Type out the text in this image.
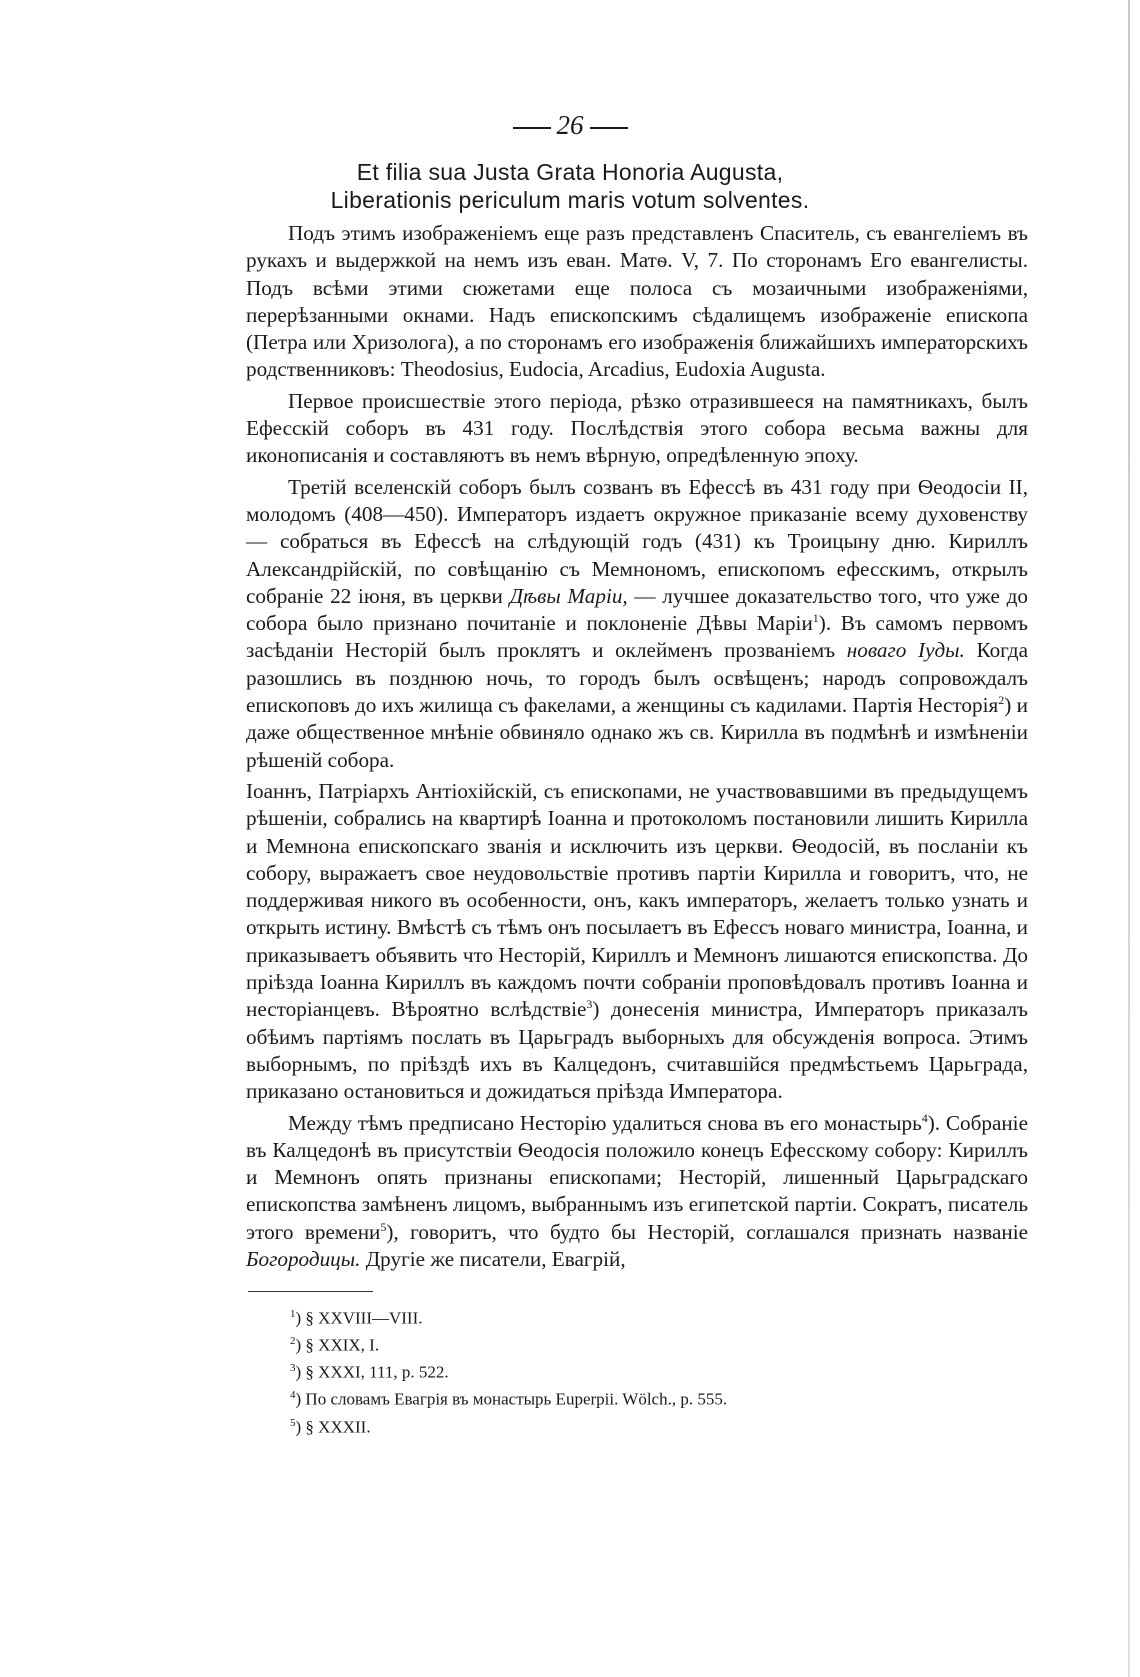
26
Et filia sua Justa Grata Honoria Augusta,
Liberationis periculum maris votum solventes.

Подъ этимъ изображеніемъ еще разъ представленъ Спаситель, съ евангеліемъ въ рукахъ и выдержкой на немъ изъ еван. Матѳ. V, 7. По сторонамъ Его евангелисты. Подъ всѣми этими сюжетами еще полоса съ мозаичными изображеніями, перерѣзанными окнами. Надъ епископскимъ сѣдалищемъ изображеніе епископа (Петра или Хризолога), а по сторонамъ его изображенія ближайшихъ императорскихъ родственниковъ: Theodosius, Eudocia, Arcadius, Eudoxia Augusta.

Первое происшествіе этого періода, рѣзко отразившееся на памятникахъ, былъ Ефесскій соборъ въ 431 году. Послѣдствія этого собора весьма важны для иконописанія и составляютъ въ немъ вѣрную, опредѣленную эпоху.

Третій вселенскій соборъ былъ созванъ въ Ефессѣ въ 431 году при Ѳеодосіи II, молодомъ (408—450). Императоръ издаетъ окружное приказаніе всему духовенству — собраться въ Ефессѣ на слѣдующій годъ (431) къ Троицыну дню. Кириллъ Александрійскій, по совѣщанію съ Мемнономъ, епископомъ ефесскимъ, открылъ собраніе 22 іюня, въ церкви Дѣвы Маріи, — лучшее доказательство того, что уже до собора было признано почитаніе и поклоненіе Дѣвы Маріи$^1$). Въ самомъ первомъ засѣданіи Несторій былъ проклятъ и оклейменъ прозваніемъ новаго Іуды. Когда разошлись въ позднюю ночь, то городъ былъ освѣщенъ; народъ сопровождалъ епископовъ до ихъ жилища съ факелами, а женщины съ кадилами. Партія Несторія$^2$) и даже общественное мнѣніе обвиняло однако жъ св. Кирилла въ подмѣнѣ и измѣненіи рѣшеній собора.

Іоаннъ, Патріархъ Антіохійскій, съ епископами, не участвовавшими въ предыдущемъ рѣшеніи, собрались на квартирѣ Іоанна и протоколомъ постановили лишить Кирилла и Мемнона епископскаго званія и исключить изъ церкви. Ѳеодосій, въ посланіи къ собору, выражаетъ свое неудовольствіе противъ партіи Кирилла и говоритъ, что, не поддерживая никого въ особенности, онъ, какъ императоръ, желаетъ только узнать и открыть истину. Вмѣстѣ съ тѣмъ онъ посылаетъ въ Ефессъ новаго министра, Іоанна, и приказываетъ объявить что Несторій, Кириллъ и Мемнонъ лишаются епископства. До пріѣзда Іоанна Кириллъ въ каждомъ почти собраніи проповѣдовалъ противъ Іоанна и несторіанцевъ. Вѣроятно вслѣдствіе$^3$) донесенія министра, Императоръ приказалъ обѣимъ партіямъ послать въ Царьградъ выборныхъ для обсужденія вопроса. Этимъ выборнымъ, по пріѣздѣ ихъ въ Калцедонъ, считавшійся предмѣстьемъ Царьграда, приказано остановиться и дожидаться пріѣзда Императора.

Между тѣмъ предписано Несторію удалиться снова въ его монастырь$^4$). Собраніе въ Калцедонѣ въ присутствіи Ѳеодосія положило конецъ Ефесскому собору: Кириллъ и Мемнонъ опять признаны епископами; Несторій, лишенный Царьградскаго епископства замѣненъ лицомъ, выбраннымъ изъ египетской партіи. Сократъ, писатель этого времени$^5$), говоритъ, что будто бы Несторій, соглашался признать названіе Богородицы. Другіе же писатели, Евагрій,

$^1$) § XXVIII—VIII.
$^2$) § XXIX, I.
$^3$) § XXXI, 111, p. 522.
$^4$) По словамъ Евагрія въ монастырь Euperpii. Wölch., p. 555.
$^5$) § XXXII.
